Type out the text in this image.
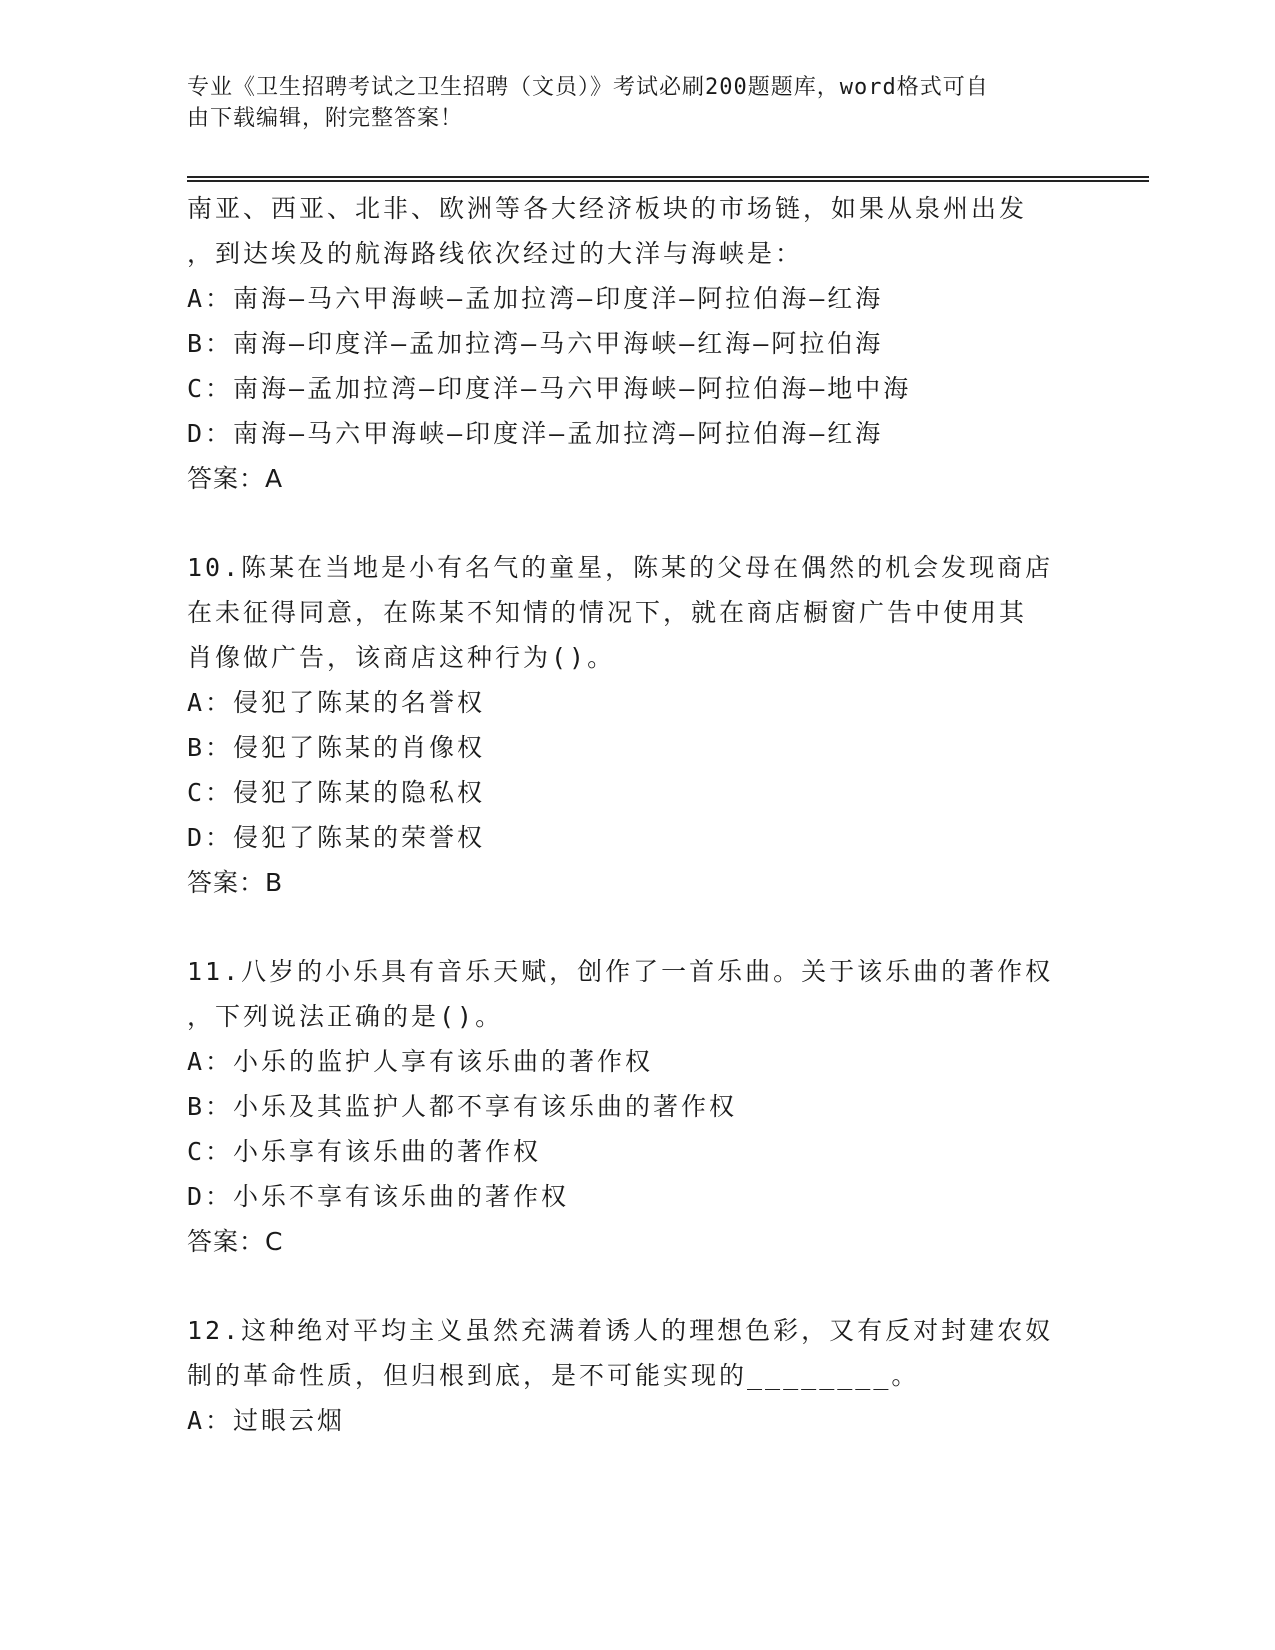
专业《卫生招聘考试之卫生招聘（文员）》考试必刷200题题库，word格式可自
由下载编辑，附完整答案！
南亚、西亚、北非、欧洲等各大经济板块的市场链，如果从泉州出发
，到达埃及的航海路线依次经过的大洋与海峡是：
A：南海—马六甲海峡—孟加拉湾—印度洋—阿拉伯海—红海
B：南海—印度洋—孟加拉湾—马六甲海峡—红海—阿拉伯海
C：南海—孟加拉湾—印度洋—马六甲海峡—阿拉伯海—地中海
D：南海—马六甲海峡—印度洋—孟加拉湾—阿拉伯海—红海
答案：A
10.陈某在当地是小有名气的童星，陈某的父母在偶然的机会发现商店
在未征得同意，在陈某不知情的情况下，就在商店橱窗广告中使用其
肖像做广告，该商店这种行为()。
A：侵犯了陈某的名誉权
B：侵犯了陈某的肖像权
C：侵犯了陈某的隐私权
D：侵犯了陈某的荣誉权
答案：B
11.八岁的小乐具有音乐天赋，创作了一首乐曲。关于该乐曲的著作权
，下列说法正确的是()。
A：小乐的监护人享有该乐曲的著作权
B：小乐及其监护人都不享有该乐曲的著作权
C：小乐享有该乐曲的著作权
D：小乐不享有该乐曲的著作权
答案：C
12.这种绝对平均主义虽然充满着诱人的理想色彩，又有反对封建农奴
制的革命性质，但归根到底，是不可能实现的________。
A：过眼云烟
